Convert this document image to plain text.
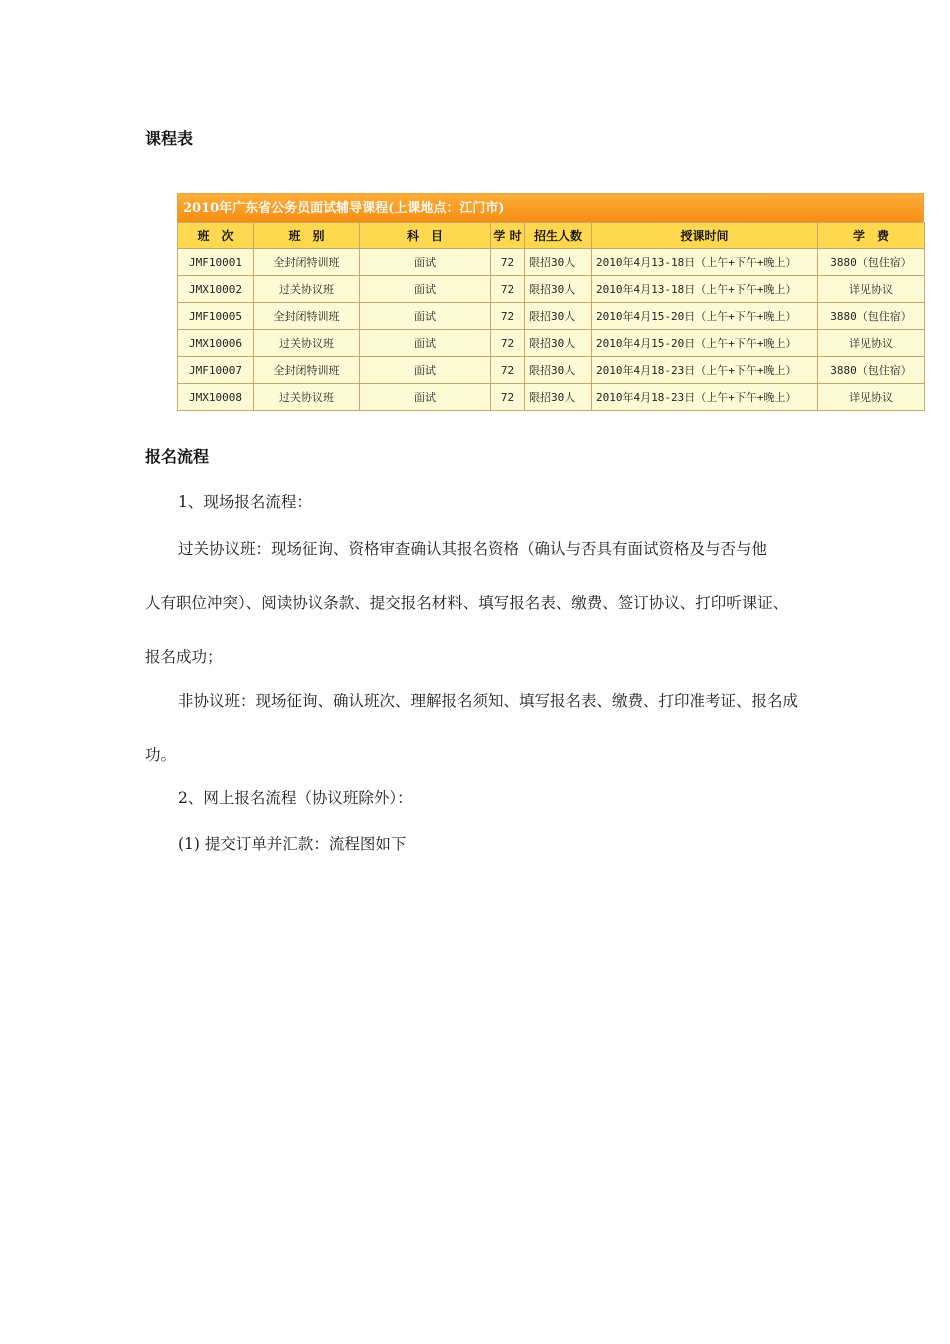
课程表
2010年广东省公务员面试辅导课程(上课地点：江门市)
班　次	班　别	科　目	学 时	招生人数	授课时间	学　费
JMF10001	全封闭特训班	面试	72	限招30人	2010年4月13-18日（上午+下午+晚上）	3880（包住宿）
JMX10002	过关协议班	面试	72	限招30人	2010年4月13-18日（上午+下午+晚上）	详见协议
JMF10005	全封闭特训班	面试	72	限招30人	2010年4月15-20日（上午+下午+晚上）	3880（包住宿）
JMX10006	过关协议班	面试	72	限招30人	2010年4月15-20日（上午+下午+晚上）	详见协议
JMF10007	全封闭特训班	面试	72	限招30人	2010年4月18-23日（上午+下午+晚上）	3880（包住宿）
JMX10008	过关协议班	面试	72	限招30人	2010年4月18-23日（上午+下午+晚上）	详见协议
报名流程

1、现场报名流程：

过关协议班：现场征询、资格审查确认其报名资格（确认与否具有面试资格及与否与他

人有职位冲突）、阅读协议条款、提交报名材料、填写报名表、缴费、签订协议、打印听课证、

报名成功；

非协议班：现场征询、确认班次、理解报名须知、填写报名表、缴费、打印准考证、报名成

功。

2、网上报名流程（协议班除外）：

(1) 提交订单并汇款：流程图如下
